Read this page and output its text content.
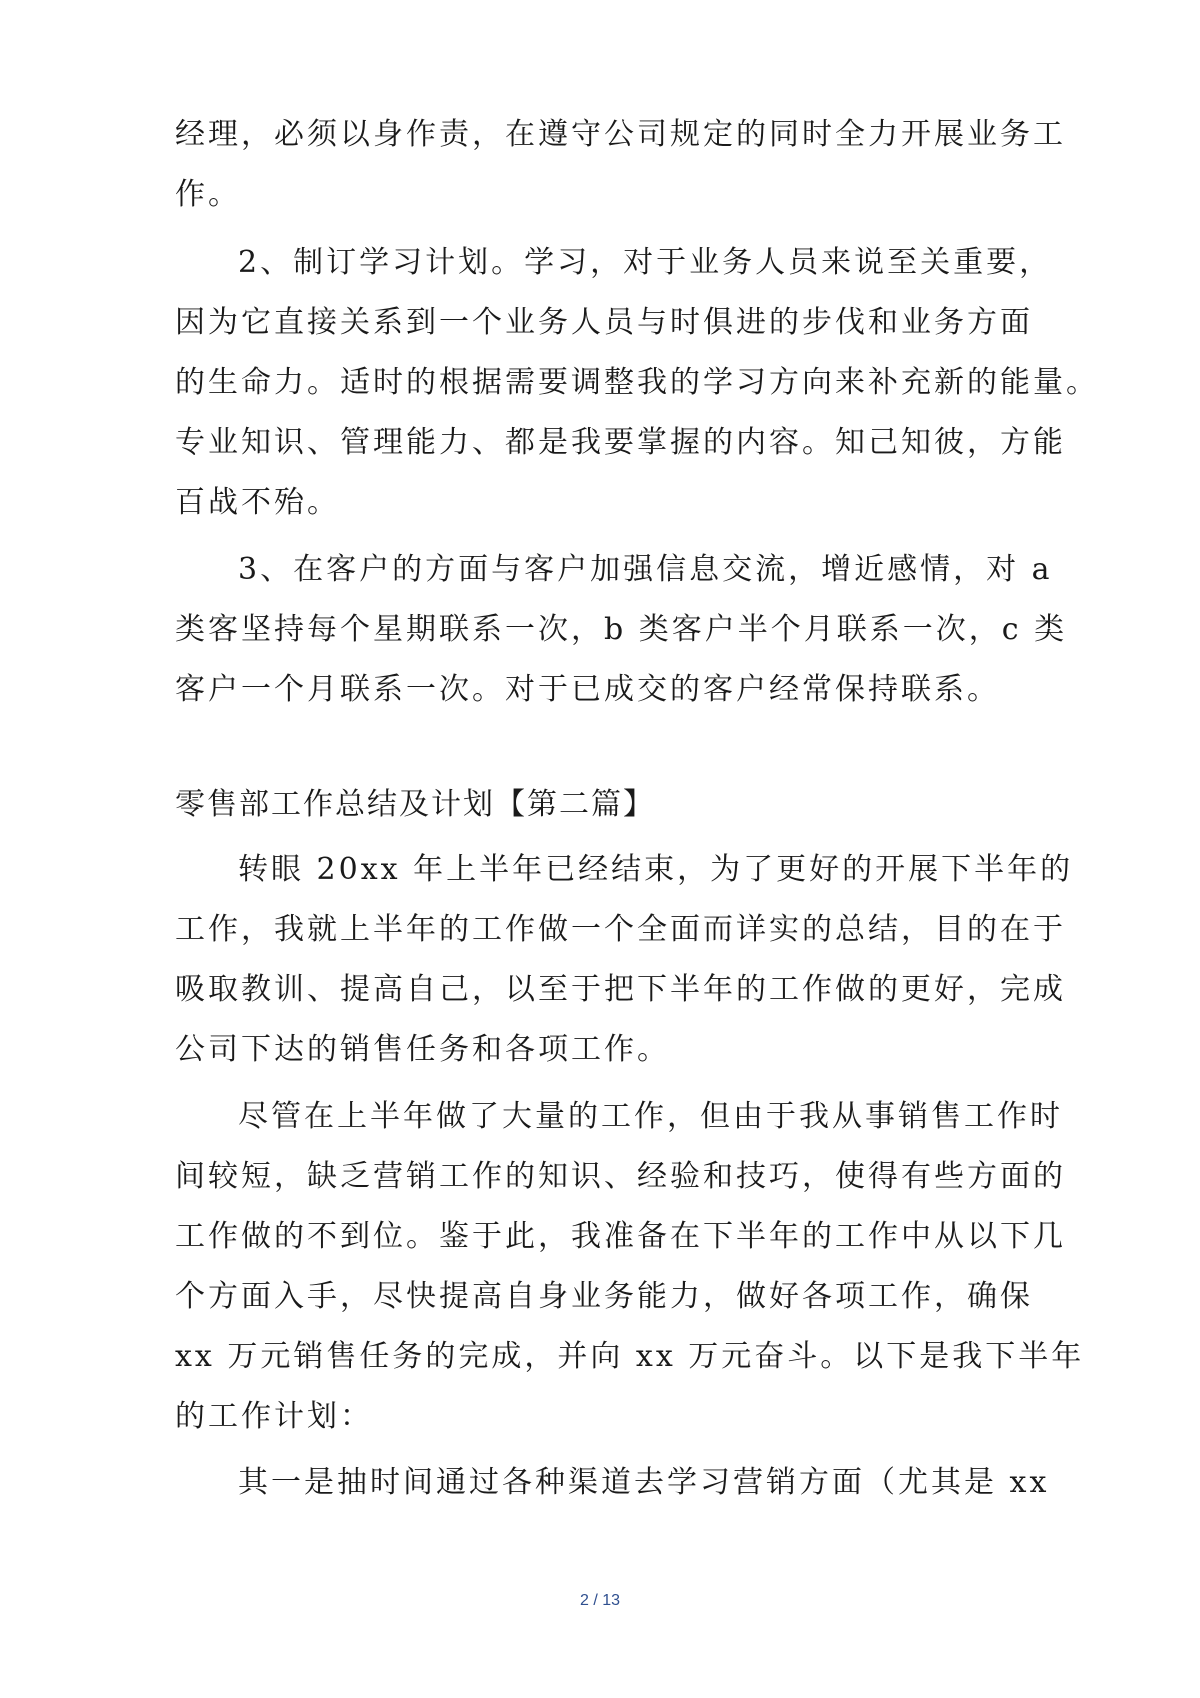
经理，必须以身作责，在遵守公司规定的同时全力开展业务工
作。
2、制订学习计划。学习，对于业务人员来说至关重要，
因为它直接关系到一个业务人员与时俱进的步伐和业务方面
的生命力。适时的根据需要调整我的学习方向来补充新的能量。
专业知识、管理能力、都是我要掌握的内容。知己知彼，方能
百战不殆。
3、在客户的方面与客户加强信息交流，增近感情，对 a
类客坚持每个星期联系一次，b 类客户半个月联系一次，c 类
客户一个月联系一次。对于已成交的客户经常保持联系。
零售部工作总结及计划【第二篇】
转眼 20xx 年上半年已经结束，为了更好的开展下半年的
工作，我就上半年的工作做一个全面而详实的总结，目的在于
吸取教训、提高自己，以至于把下半年的工作做的更好，完成
公司下达的销售任务和各项工作。
尽管在上半年做了大量的工作，但由于我从事销售工作时
间较短，缺乏营销工作的知识、经验和技巧，使得有些方面的
工作做的不到位。鉴于此，我准备在下半年的工作中从以下几
个方面入手，尽快提高自身业务能力，做好各项工作，确保
xx 万元销售任务的完成，并向 xx 万元奋斗。以下是我下半年
的工作计划：
其一是抽时间通过各种渠道去学习营销方面（尤其是 xx
2 / 13
